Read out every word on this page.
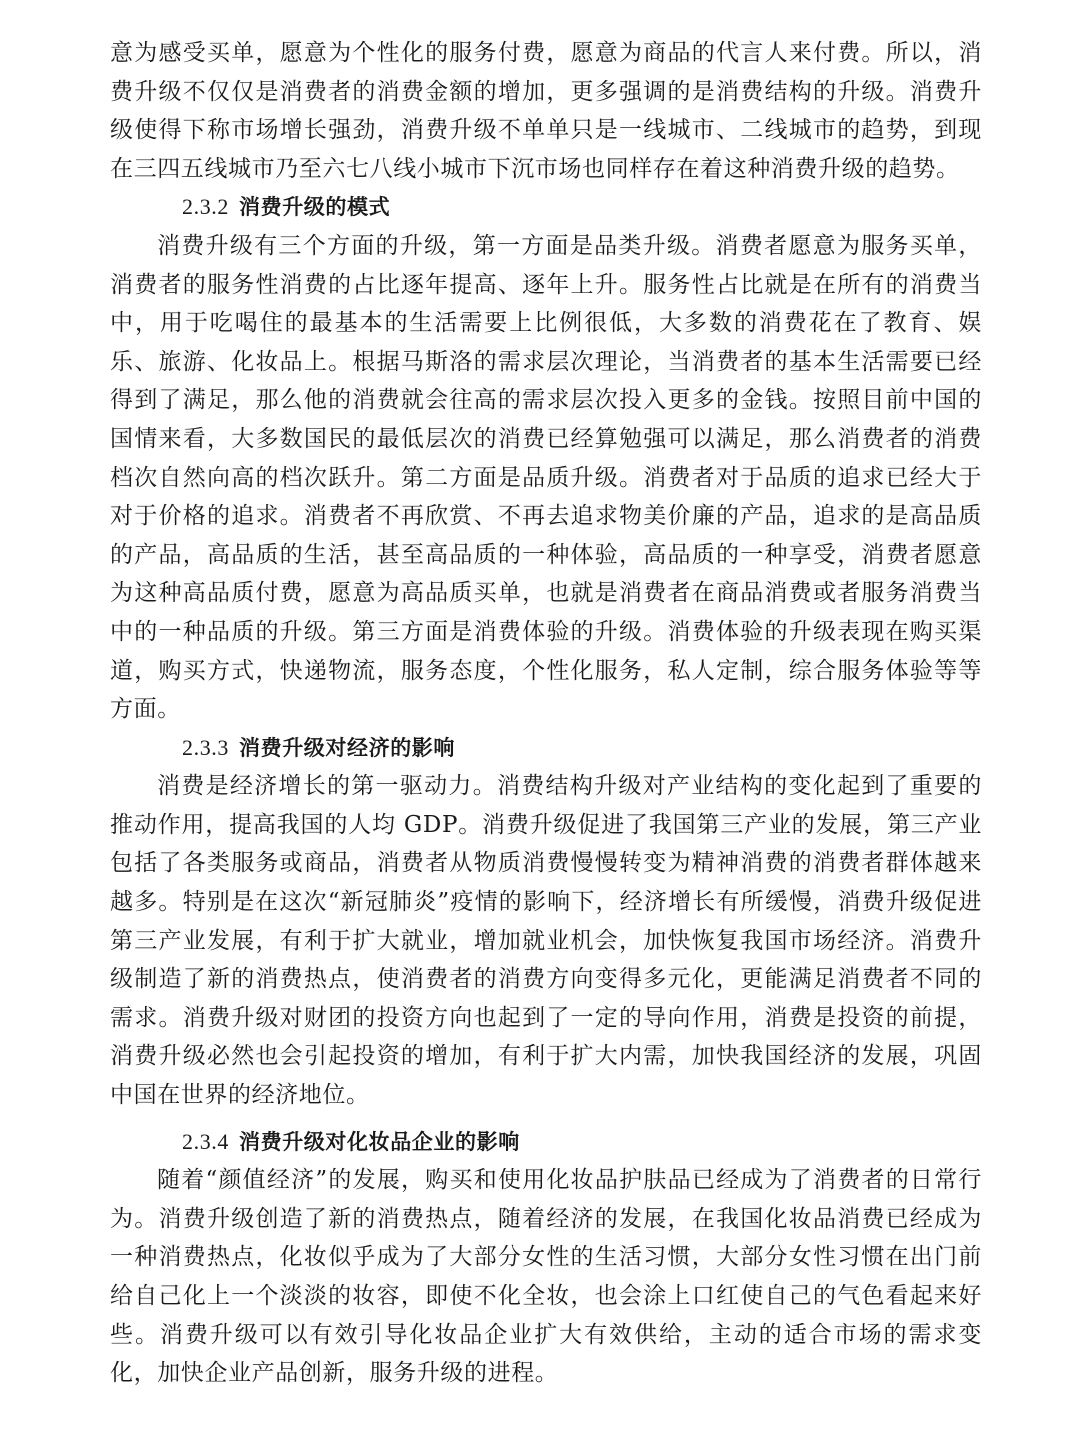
意为感受买单，愿意为个性化的服务付费，愿意为商品的代言人来付费。所以，消费升级不仅仅是消费者的消费金额的增加，更多强调的是消费结构的升级。消费升级使得下称市场增长强劲，消费升级不单单只是一线城市、二线城市的趋势，到现在三四五线城市乃至六七八线小城市下沉市场也同样存在着这种消费升级的趋势。

2.3.2 消费升级的模式

消费升级有三个方面的升级，第一方面是品类升级。消费者愿意为服务买单，消费者的服务性消费的占比逐年提高、逐年上升。服务性占比就是在所有的消费当中，用于吃喝住的最基本的生活需要上比例很低，大多数的消费花在了教育、娱乐、旅游、化妆品上。根据马斯洛的需求层次理论，当消费者的基本生活需要已经得到了满足，那么他的消费就会往高的需求层次投入更多的金钱。按照目前中国的国情来看，大多数国民的最低层次的消费已经算勉强可以满足，那么消费者的消费档次自然向高的档次跃升。第二方面是品质升级。消费者对于品质的追求已经大于对于价格的追求。消费者不再欣赏、不再去追求物美价廉的产品，追求的是高品质的产品，高品质的生活，甚至高品质的一种体验，高品质的一种享受，消费者愿意为这种高品质付费，愿意为高品质买单，也就是消费者在商品消费或者服务消费当中的一种品质的升级。第三方面是消费体验的升级。消费体验的升级表现在购买渠道，购买方式，快递物流，服务态度，个性化服务，私人定制，综合服务体验等等方面。

2.3.3 消费升级对经济的影响

消费是经济增长的第一驱动力。消费结构升级对产业结构的变化起到了重要的推动作用，提高我国的人均 GDP。消费升级促进了我国第三产业的发展，第三产业包括了各类服务或商品，消费者从物质消费慢慢转变为精神消费的消费者群体越来越多。特别是在这次“新冠肺炎”疫情的影响下，经济增长有所缓慢，消费升级促进第三产业发展，有利于扩大就业，增加就业机会，加快恢复我国市场经济。消费升级制造了新的消费热点，使消费者的消费方向变得多元化，更能满足消费者不同的需求。消费升级对财团的投资方向也起到了一定的导向作用，消费是投资的前提，消费升级必然也会引起投资的增加，有利于扩大内需，加快我国经济的发展，巩固中国在世界的经济地位。

2.3.4 消费升级对化妆品企业的影响

随着“颜值经济”的发展，购买和使用化妆品护肤品已经成为了消费者的日常行为。消费升级创造了新的消费热点，随着经济的发展，在我国化妆品消费已经成为一种消费热点，化妆似乎成为了大部分女性的生活习惯，大部分女性习惯在出门前给自己化上一个淡淡的妆容，即使不化全妆，也会涂上口红使自己的气色看起来好些。消费升级可以有效引导化妆品企业扩大有效供给，主动的适合市场的需求变化，加快企业产品创新，服务升级的进程。
